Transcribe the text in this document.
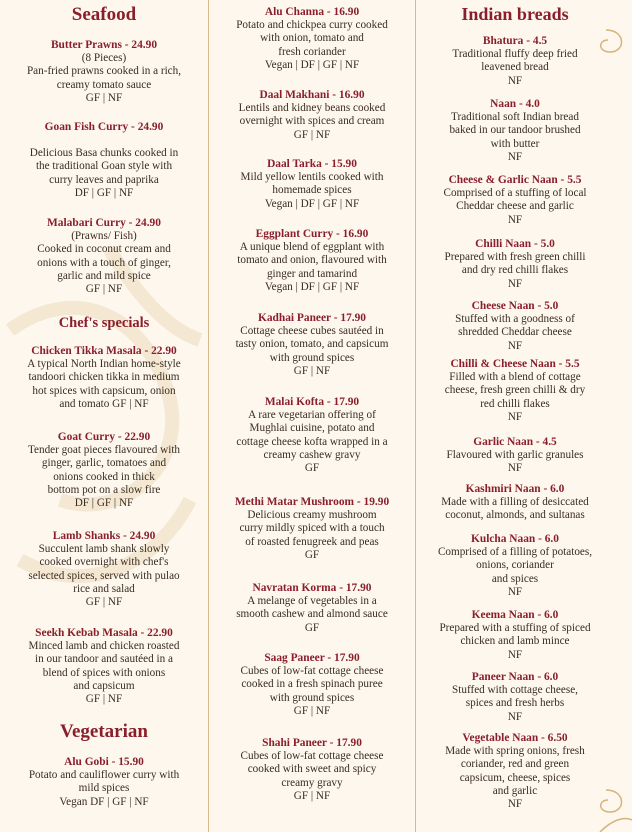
Seafood
Butter Prawns - 24.90
(8 Pieces)
Pan-fried prawns cooked in a rich,
creamy tomato sauce
GF | NF
Goan Fish Curry - 24.90
Delicious Basa chunks cooked in
the traditional Goan style with
curry leaves and paprika
DF | GF | NF
Malabari Curry - 24.90
(Prawns/ Fish)
Cooked in coconut cream and
onions with a touch of ginger,
garlic and mild spice
GF | NF
Chef's specials
Chicken Tikka Masala - 22.90
A typical North Indian home-style
tandoori chicken tikka in medium
hot spices with capsicum, onion
and tomato GF | NF
Goat Curry - 22.90
Tender goat pieces flavoured with
ginger, garlic, tomatoes and
onions cooked in thick
bottom pot on a slow fire
DF | GF | NF
Lamb Shanks - 24.90
Succulent lamb shank slowly
cooked overnight with chef's
selected spices, served with pulao
rice and salad
GF | NF
Seekh Kebab Masala - 22.90
Minced lamb and chicken roasted
in our tandoor and sautéed in a
blend of spices with onions
and capsicum
GF | NF
Vegetarian
Alu Gobi - 15.90
Potato and cauliflower curry with
mild spices
Vegan DF | GF | NF
Alu Channa - 16.90
Potato and chickpea curry cooked
with onion, tomato and
fresh coriander
Vegan | DF | GF | NF
Daal Makhani - 16.90
Lentils and kidney beans cooked
overnight with spices and cream
GF | NF
Daal Tarka - 15.90
Mild yellow lentils cooked with
homemade spices
Vegan | DF | GF | NF
Eggplant Curry - 16.90
A unique blend of eggplant with
tomato and onion, flavoured with
ginger and tamarind
Vegan | DF | GF | NF
Kadhai Paneer - 17.90
Cottage cheese cubes sautéed in
tasty onion, tomato, and capsicum
with ground spices
GF | NF
Malai Kofta - 17.90
A rare vegetarian offering of
Mughlai cuisine, potato and
cottage cheese kofta wrapped in a
creamy cashew gravy
GF
Methi Matar Mushroom - 19.90
Delicious creamy mushroom
curry mildly spiced with a touch
of roasted fenugreek and peas
GF
Navratan Korma - 17.90
A melange of vegetables in a
smooth cashew and almond sauce
GF
Saag Paneer - 17.90
Cubes of low-fat cottage cheese
cooked in a fresh spinach puree
with ground spices
GF | NF
Shahi Paneer - 17.90
Cubes of low-fat cottage cheese
cooked with sweet and spicy
creamy gravy
GF | NF
Indian breads
Bhatura - 4.5
Traditional fluffy deep fried
leavened bread
NF
Naan - 4.0
Traditional soft Indian bread
baked in our tandoor brushed
with butter
NF
Cheese & Garlic Naan - 5.5
Comprised of a stuffing of local
Cheddar cheese and garlic
NF
Chilli Naan - 5.0
Prepared with fresh green chilli
and dry red chilli flakes
NF
Cheese Naan - 5.0
Stuffed with a goodness of
shredded Cheddar cheese
NF
Chilli & Cheese Naan - 5.5
Filled with a blend of cottage
cheese, fresh green chilli & dry
red chilli flakes
NF
Garlic Naan - 4.5
Flavoured with garlic granules
NF
Kashmiri Naan - 6.0
Made with a filling of desiccated
coconut, almonds, and sultanas
Kulcha Naan - 6.0
Comprised of a filling of potatoes,
onions, coriander
and spices
NF
Keema Naan - 6.0
Prepared with a stuffing of spiced
chicken and lamb mince
NF
Paneer Naan - 6.0
Stuffed with cottage cheese,
spices and fresh herbs
NF
Vegetable Naan - 6.50
Made with spring onions, fresh
coriander, red and green
capsicum, cheese, spices
and garlic
NF
